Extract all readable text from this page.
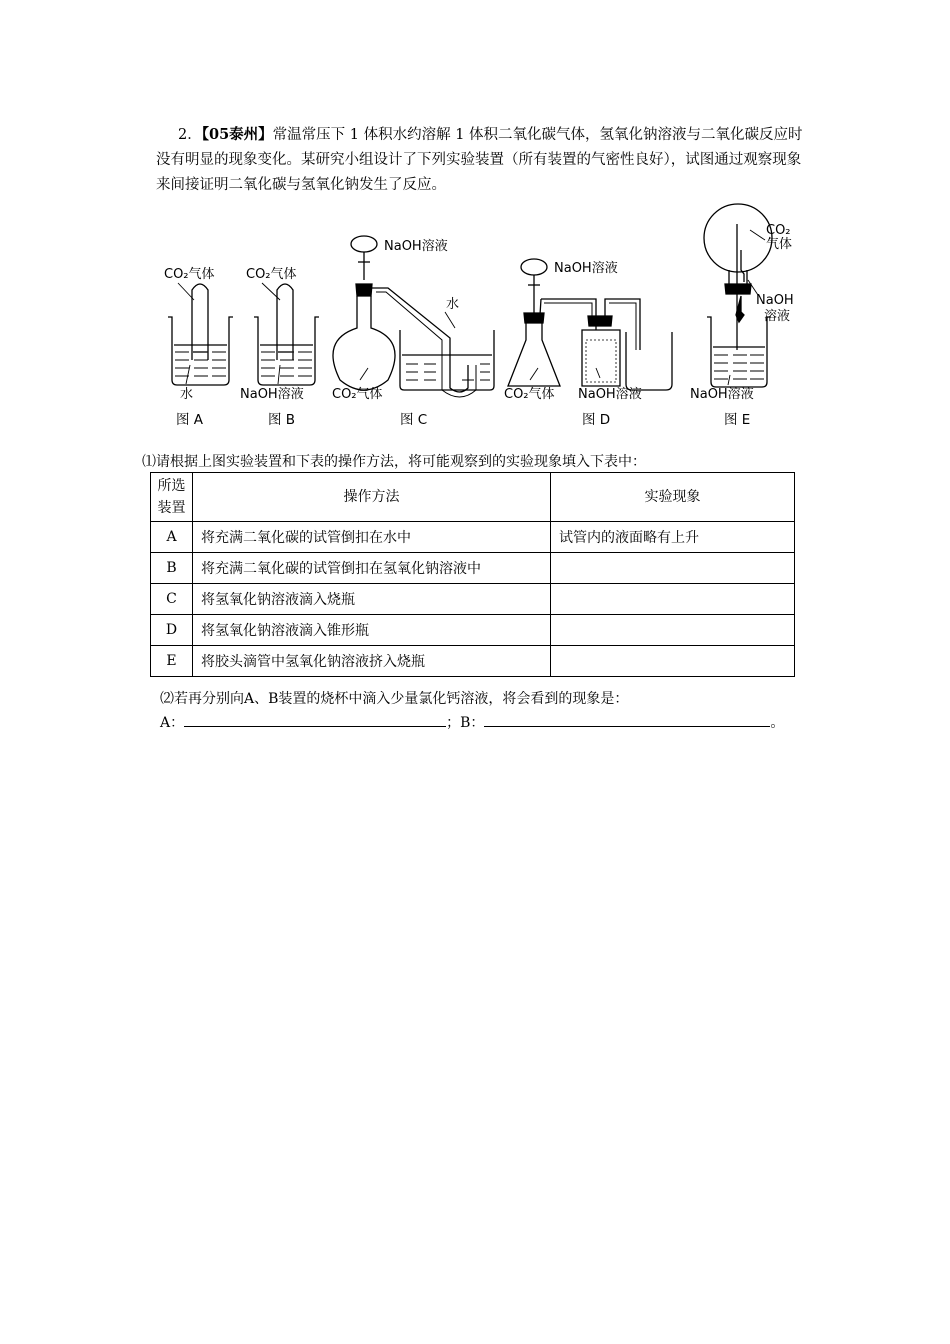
2．【05泰州】常温常压下 1 体积水约溶解 1 体积二氧化碳气体，氢氧化钠溶液与二氧化碳反应时没有明显的现象变化。某研究小组设计了下列实验装置（所有装置的气密性良好），试图通过观察现象来间接证明二氧化碳与氢氧化钠发生了反应。
CO₂气体
水
图 A
CO₂气体
NaOH溶液
图 B
NaOH溶液
水
CO₂气体
图 C
NaOH溶液
CO₂气体 NaOH溶液
图 D
CO₂
气体
NaOH
溶液
NaOH溶液
图 E
⑴请根据上图实验装置和下表的操作方法，将可能观察到的实验现象填入下表中：
所选
装置	操作方法	实验现象
A	将充满二氧化碳的试管倒扣在水中	试管内的液面略有上升
B	将充满二氧化碳的试管倒扣在氢氧化钠溶液中	
C	将氢氧化钠溶液滴入烧瓶	
D	将氢氧化钠溶液滴入锥形瓶	
E	将胶头滴管中氢氧化钠溶液挤入烧瓶	
⑵若再分别向A、B装置的烧杯中滴入少量氯化钙溶液，将会看到的现象是：
A：	；B：	。
